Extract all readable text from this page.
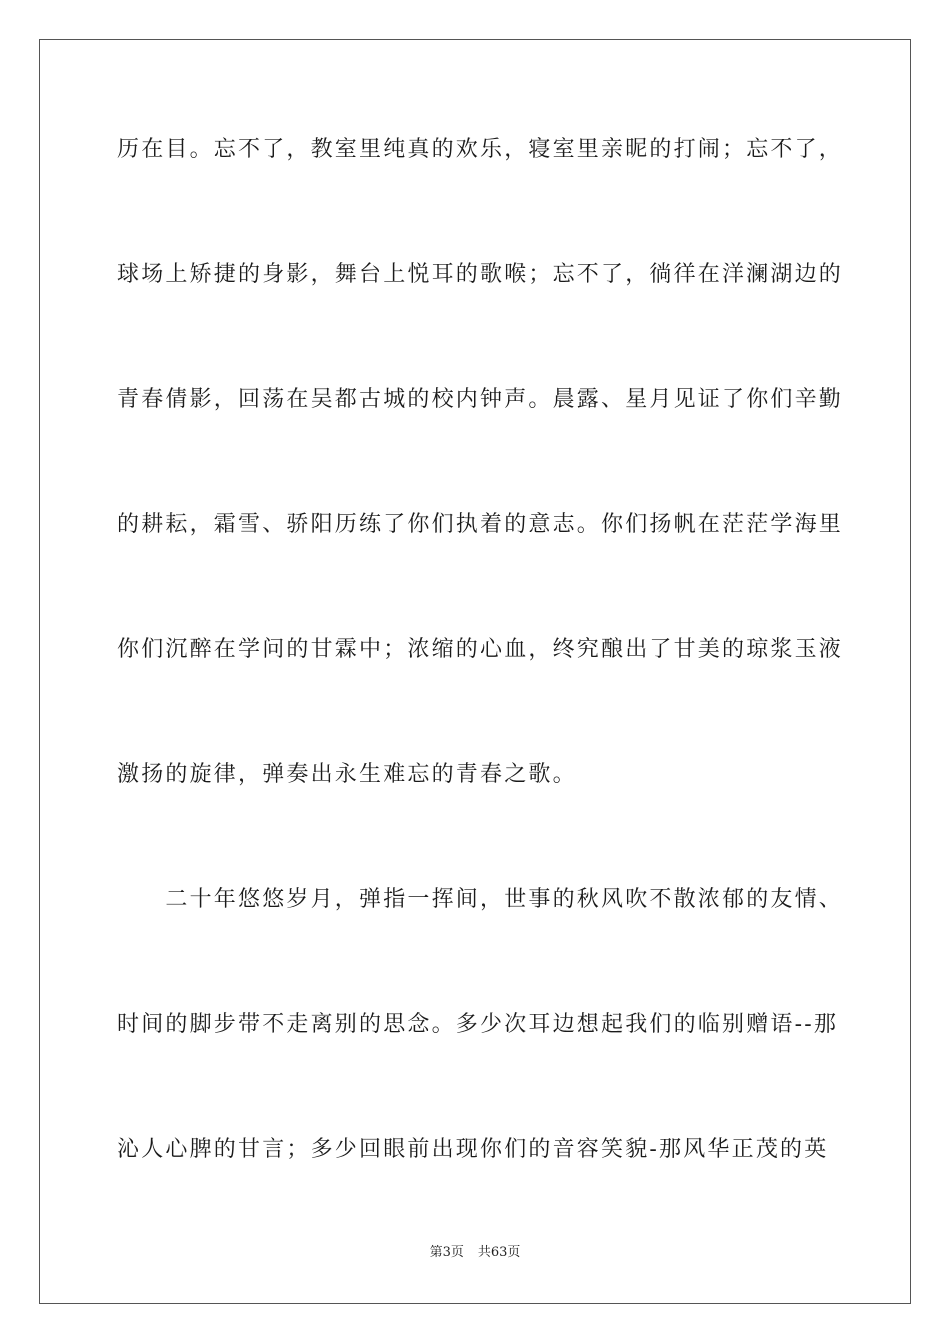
历在目。忘不了，教室里纯真的欢乐，寝室里亲昵的打闹；忘不了，
球场上矫捷的身影，舞台上悦耳的歌喉；忘不了，徜徉在洋澜湖边的
青春倩影，回荡在吴都古城的校内钟声。晨露、星月见证了你们辛勤
的耕耘，霜雪、骄阳历练了你们执着的意志。你们扬帆在茫茫学海里
你们沉醉在学问的甘霖中；浓缩的心血，终究酿出了甘美的琼浆玉液
激扬的旋律，弹奏出永生难忘的青春之歌。
　　二十年悠悠岁月，弹指一挥间，世事的秋风吹不散浓郁的友情、
时间的脚步带不走离别的思念。多少次耳边想起我们的临别赠语--那
沁人心脾的甘言；多少回眼前出现你们的音容笑貌-那风华正茂的英
第3页 共63页
